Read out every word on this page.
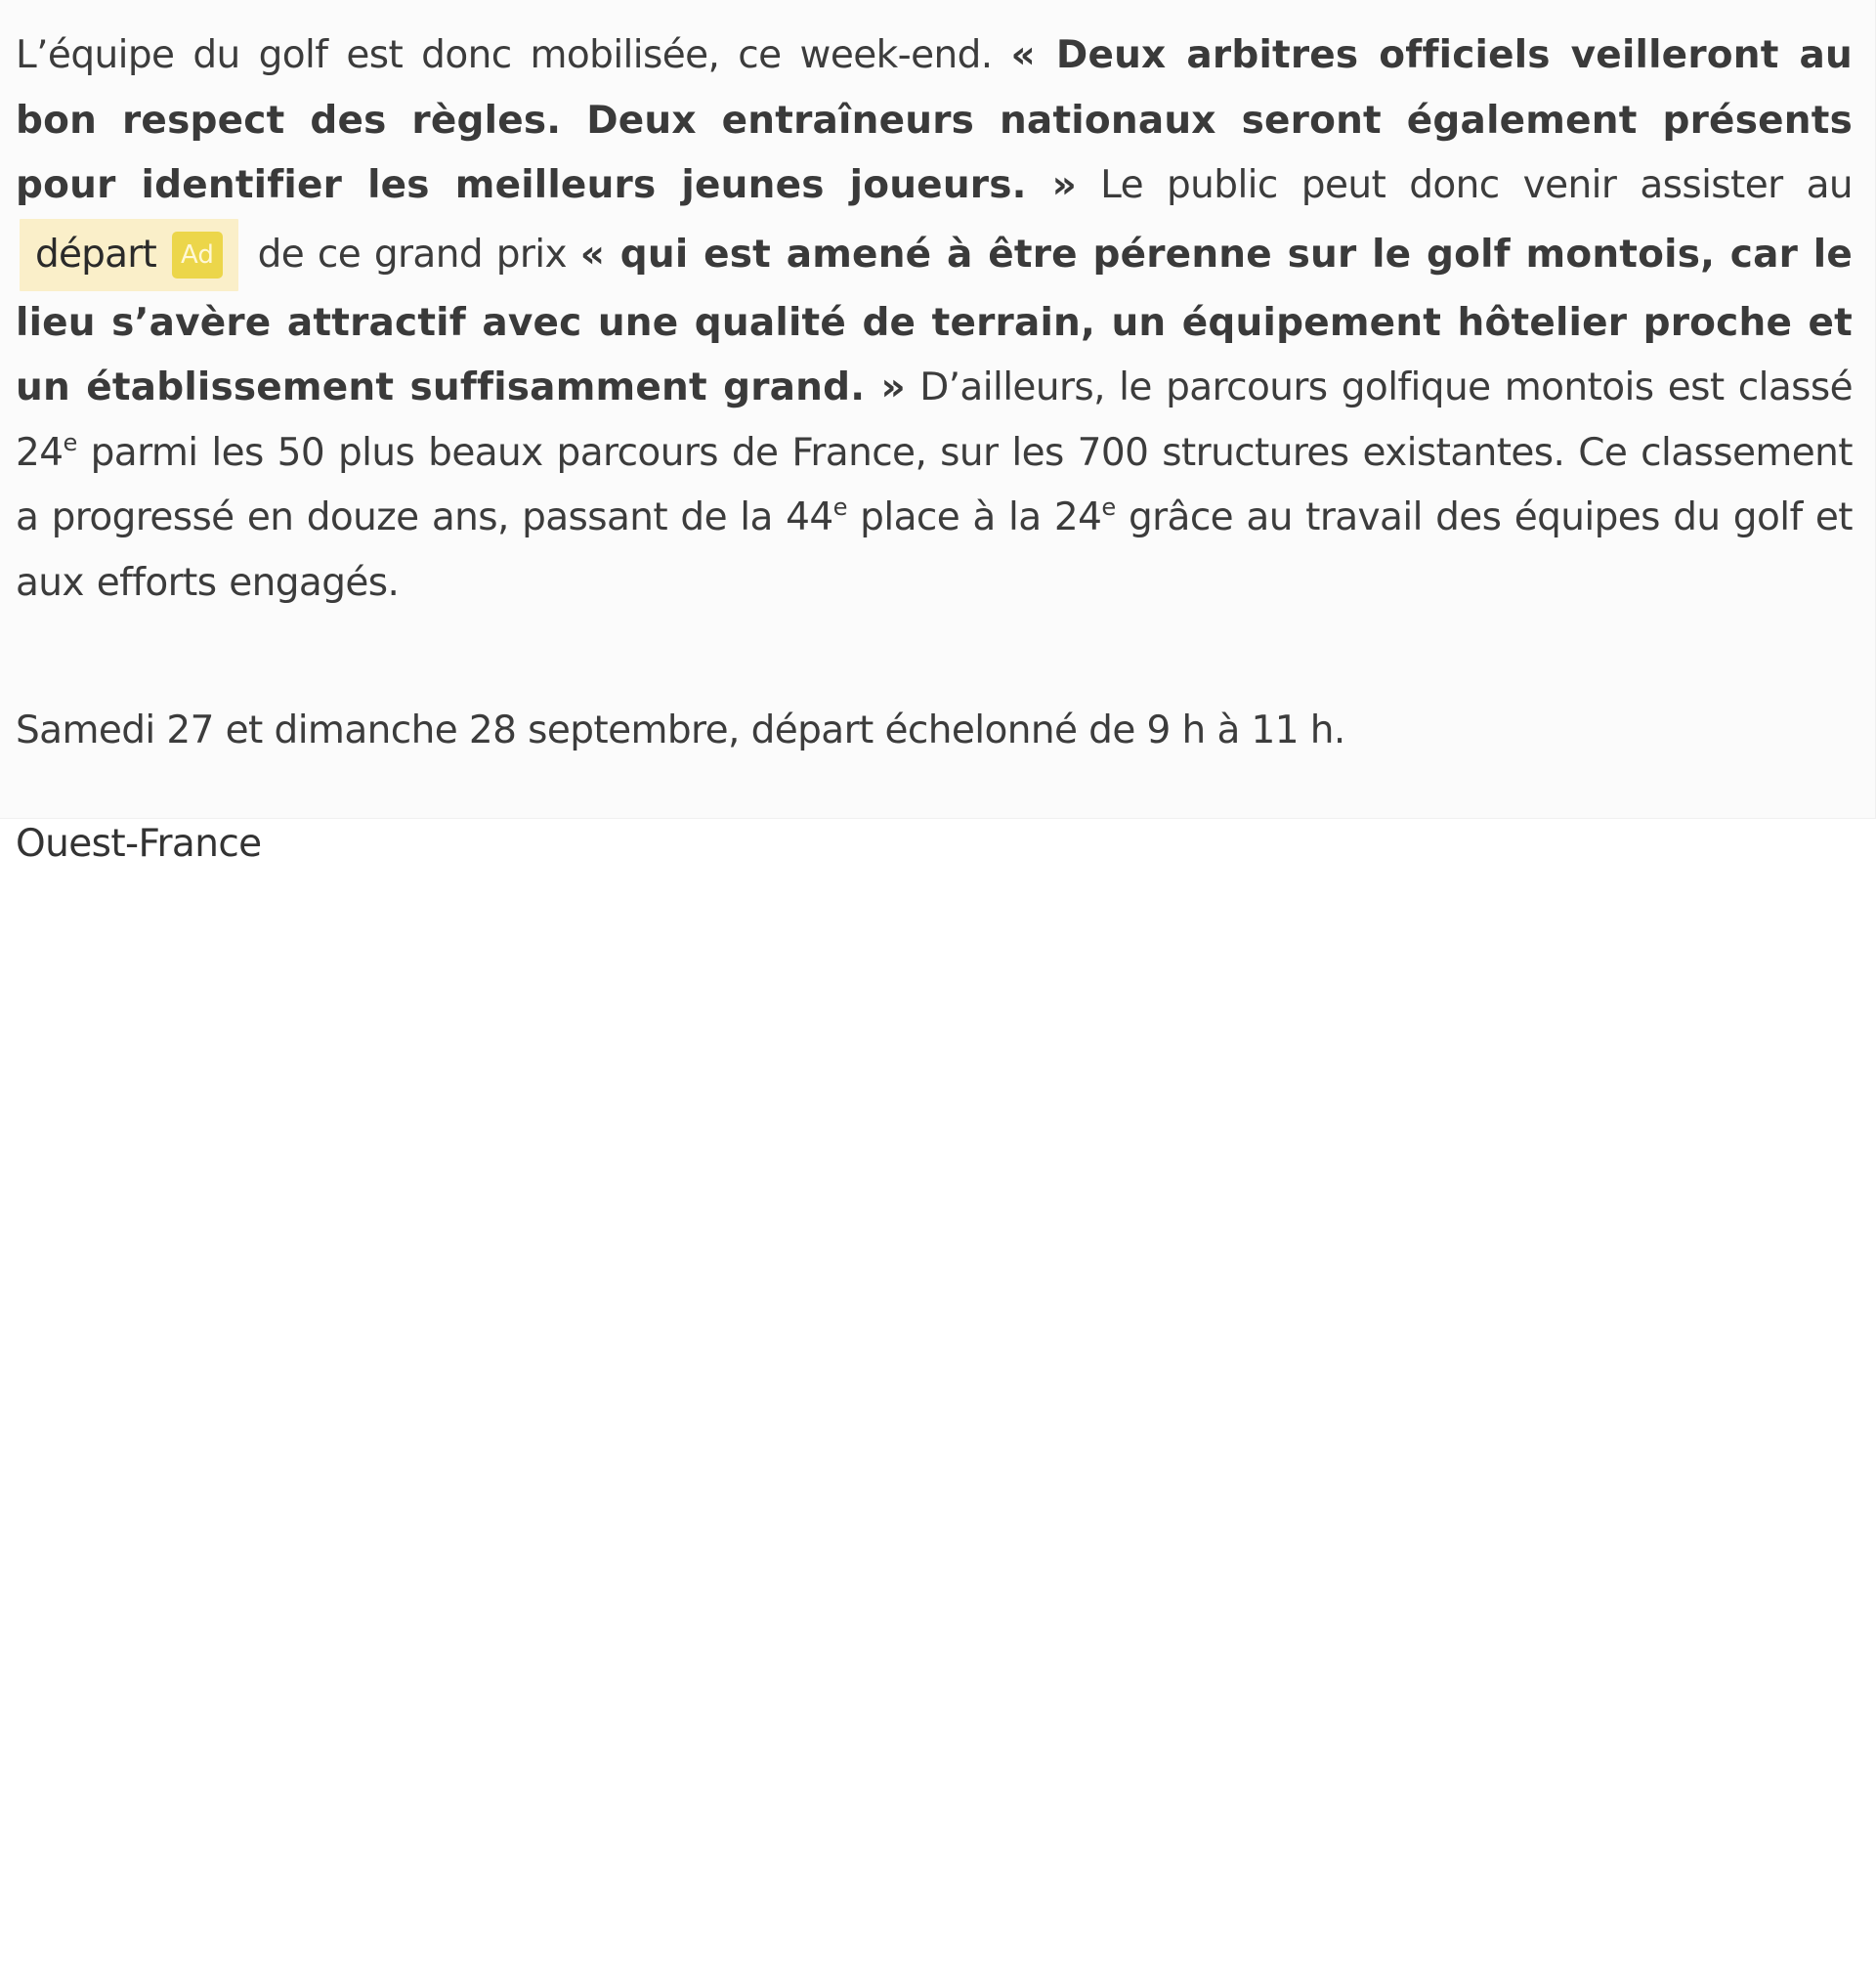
L’équipe du golf est donc mobilisée, ce week-end. « Deux arbitres officiels veilleront au bon respect des règles. Deux entraîneurs nationaux seront également présents pour identifier les meilleurs jeunes joueurs. » Le public peut donc venir assister au départ Ad de ce grand prix « qui est amené à être pérenne sur le golf montois, car le lieu s’avère attractif avec une qualité de terrain, un équipement hôtelier proche et un établissement suffisamment grand. » D’ailleurs, le parcours golfique montois est classé 24e parmi les 50 plus beaux parcours de France, sur les 700 structures existantes. Ce classement a progressé en douze ans, passant de la 44e place à la 24e grâce au travail des équipes du golf et aux efforts engagés.

Samedi 27 et dimanche 28 septembre, départ échelonné de 9 h à 11 h.

Ouest-France
